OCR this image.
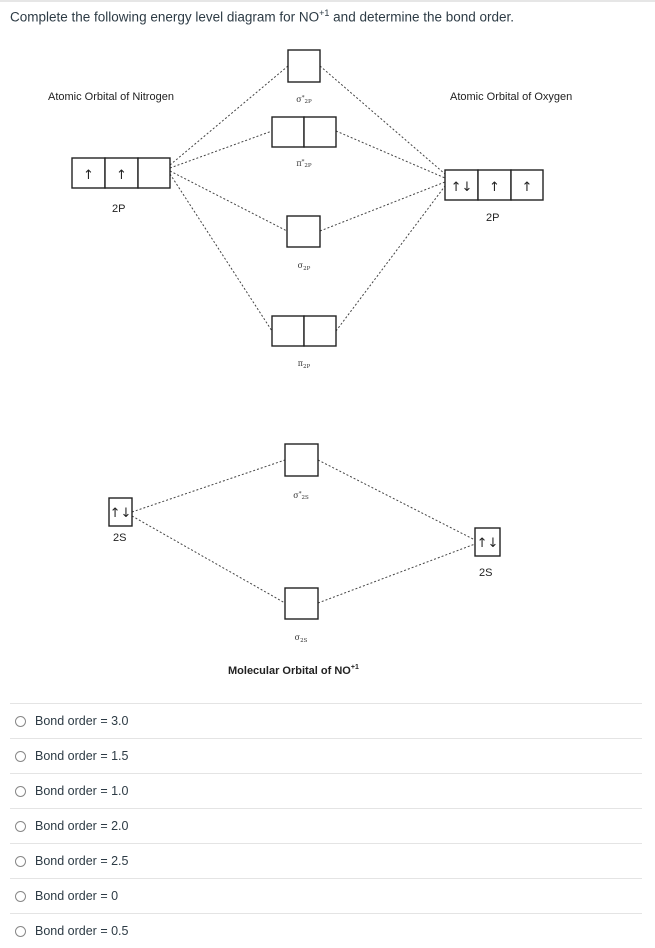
Complete the following energy level diagram for $NO^{+1}$ and determine the bond order.
Atomic Orbital of Nitrogen	Atomic Orbital of Oxygen
↑ ↑
2P
↑↓ ↑ ↑
2P
$\sigma^*_{2P}$
$\pi^*_{2P}$
$\sigma_{2P}$
$\pi_{2P}$
$\sigma^*_{2S}$
$\sigma_{2S}$
↑↓
2S	↑↓
2S
Molecular Orbital of $NO^{+1}$
Bond order = 3.0
Bond order = 1.5
Bond order = 1.0
Bond order = 2.0
Bond order = 2.5
Bond order = 0
Bond order = 0.5
